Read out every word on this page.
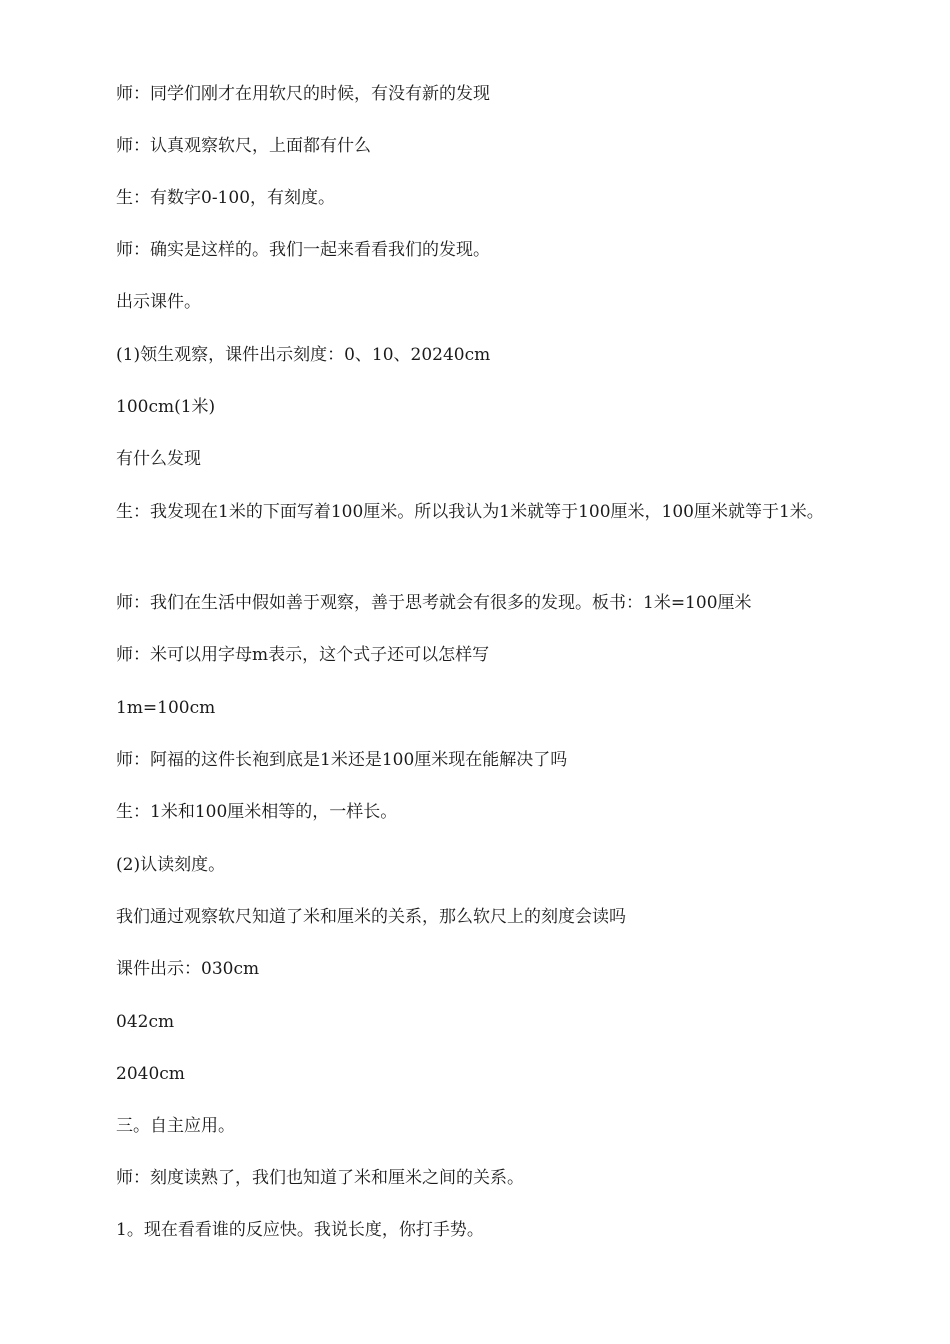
师：同学们刚才在用软尺的时候，有没有新的发现

师：认真观察软尺，上面都有什么

生：有数字0-100，有刻度。

师：确实是这样的。我们一起来看看我们的发现。

出示课件。

(1)领生观察，课件出示刻度：0、10、20240cm

100cm(1米)

有什么发现

生：我发现在1米的下面写着100厘米。所以我认为1米就等于100厘米，100厘米就等于1米。

师：我们在生活中假如善于观察，善于思考就会有很多的发现。板书：1米=100厘米

师：米可以用字母m表示，这个式子还可以怎样写

1m=100cm

师：阿福的这件长袍到底是1米还是100厘米现在能解决了吗

生：1米和100厘米相等的，一样长。

(2)认读刻度。

我们通过观察软尺知道了米和厘米的关系，那么软尺上的刻度会读吗

课件出示：030cm

042cm

2040cm

三。自主应用。

师：刻度读熟了，我们也知道了米和厘米之间的关系。

1。现在看看谁的反应快。我说长度，你打手势。
